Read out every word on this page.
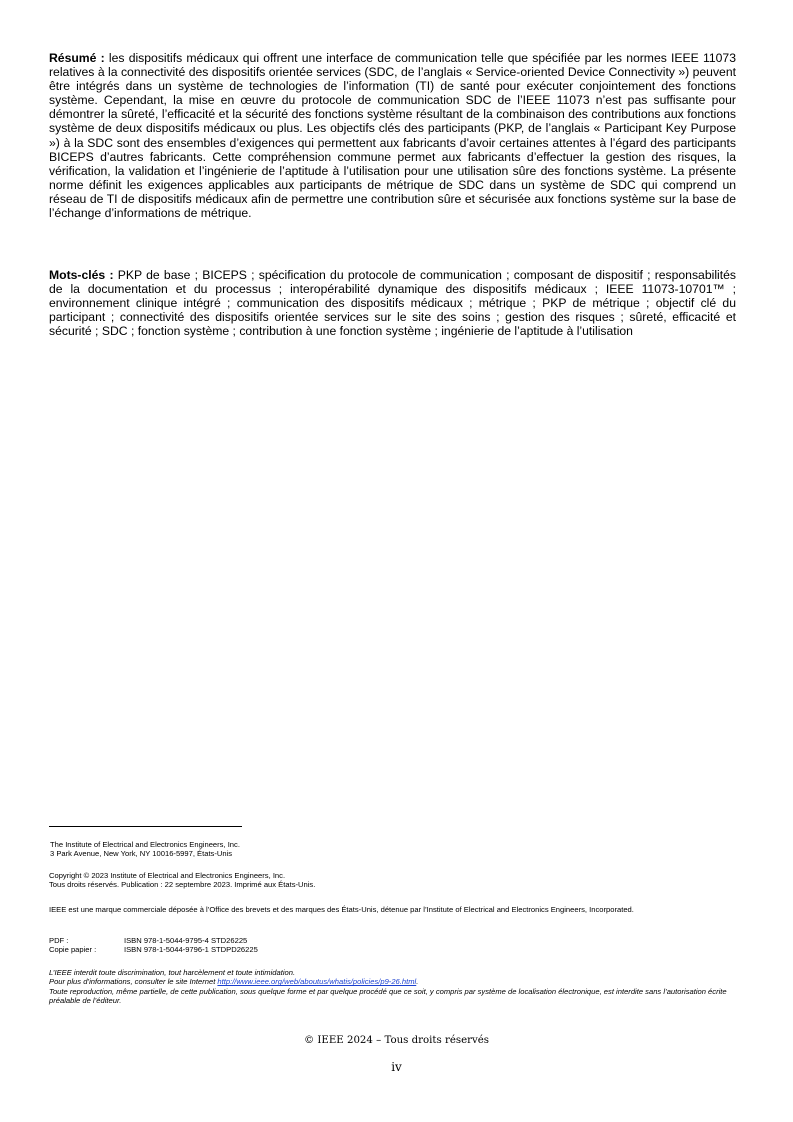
Résumé : les dispositifs médicaux qui offrent une interface de communication telle que spécifiée par les normes IEEE 11073 relatives à la connectivité des dispositifs orientée services (SDC, de l’anglais « Service-oriented Device Connectivity ») peuvent être intégrés dans un système de technologies de l’information (TI) de santé pour exécuter conjointement des fonctions système. Cependant, la mise en œuvre du protocole de communication SDC de l’IEEE 11073 n’est pas suffisante pour démontrer la sûreté, l’efficacité et la sécurité des fonctions système résultant de la combinaison des contributions aux fonctions système de deux dispositifs médicaux ou plus. Les objectifs clés des participants (PKP, de l’anglais « Participant Key Purpose ») à la SDC sont des ensembles d’exigences qui permettent aux fabricants d’avoir certaines attentes à l’égard des participants BICEPS d’autres fabricants. Cette compréhension commune permet aux fabricants d’effectuer la gestion des risques, la vérification, la validation et l’ingénierie de l’aptitude à l’utilisation pour une utilisation sûre des fonctions système. La présente norme définit les exigences applicables aux participants de métrique de SDC dans un système de SDC qui comprend un réseau de TI de dispositifs médicaux afin de permettre une contribution sûre et sécurisée aux fonctions système sur la base de l’échange d’informations de métrique.

Mots-clés : PKP de base ; BICEPS ; spécification du protocole de communication ; composant de dispositif ; responsabilités de la documentation et du processus ; interopérabilité dynamique des dispositifs médicaux ; IEEE 11073-10701™ ; environnement clinique intégré ; communication des dispositifs médicaux ; métrique ; PKP de métrique ; objectif clé du participant ; connectivité des dispositifs orientée services sur le site des soins ; gestion des risques ; sûreté, efficacité et sécurité ; SDC ; fonction système ; contribution à une fonction système ; ingénierie de l’aptitude à l’utilisation

The Institute of Electrical and Electronics Engineers, Inc.
3 Park Avenue, New York, NY 10016-5997, États-Unis

Copyright © 2023 Institute of Electrical and Electronics Engineers, Inc.
Tous droits réservés. Publication : 22 septembre 2023. Imprimé aux États-Unis.

IEEE est une marque commerciale déposée à l’Office des brevets et des marques des États-Unis, détenue par l’Institute of Electrical and Electronics Engineers, Incorporated.

PDF :	ISBN 978-1-5044-9795-4 STD26225
Copie papier :	ISBN 978-1-5044-9796-1 STDPD26225

L’IEEE interdit toute discrimination, tout harcèlement et toute intimidation.
Pour plus d’informations, consulter le site Internet http://www.ieee.org/web/aboutus/whatis/policies/p9-26.html.
Toute reproduction, même partielle, de cette publication, sous quelque forme et par quelque procédé que ce soit, y compris par système de localisation électronique, est interdite sans l’autorisation écrite préalable de l’éditeur.

© IEEE 2024 – Tous droits réservés
iv
